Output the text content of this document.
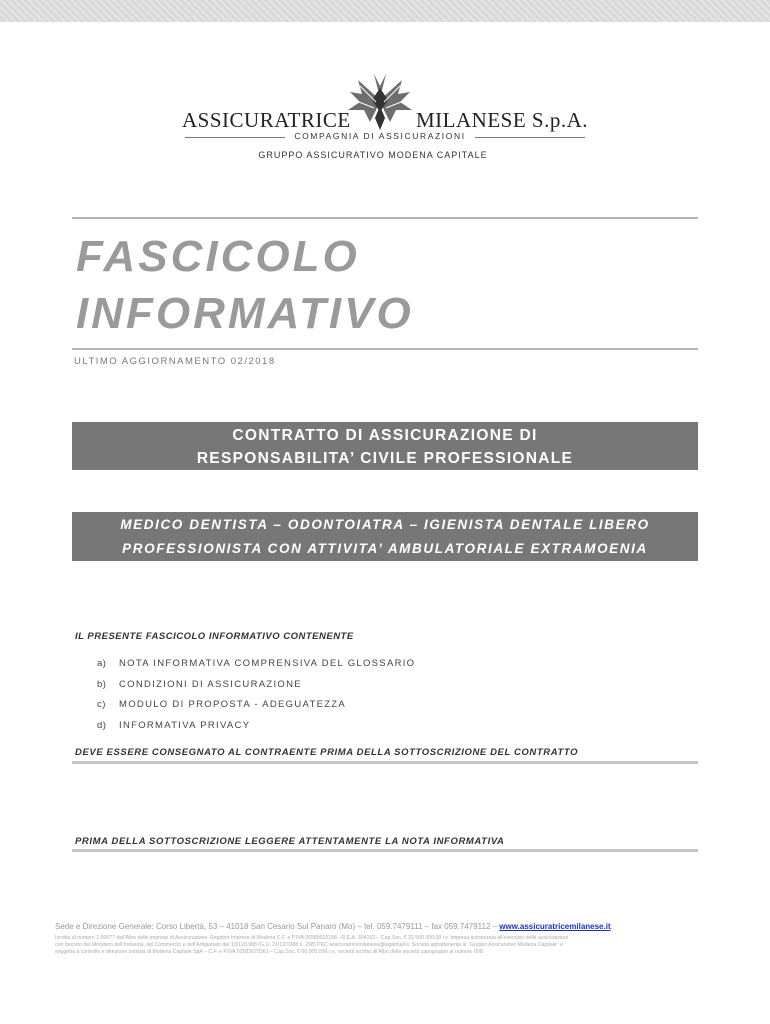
ASSICURATRICE	MILANESE S.p.A.
COMPAGNIA DI ASSICURAZIONI
GRUPPO ASSICURATIVO MODENA CAPITALE
FASCICOLO
INFORMATIVO
ULTIMO AGGIORNAMENTO 02/2018
CONTRATTO DI ASSICURAZIONE DI
RESPONSABILITA’ CIVILE PROFESSIONALE
MEDICO DENTISTA – ODONTOIATRA – IGIENISTA DENTALE LIBERO
PROFESSIONISTA CON ATTIVITA’ AMBULATORIALE EXTRAMOENIA
IL PRESENTE FASCICOLO INFORMATIVO CONTENENTE
a) NOTA INFORMATIVA COMPRENSIVA DEL GLOSSARIO
b) CONDIZIONI DI ASSICURAZIONE
c) MODULO DI PROPOSTA - ADEGUATEZZA
d) INFORMATIVA PRIVACY
DEVE ESSERE CONSEGNATO AL CONTRAENTE PRIMA DELLA SOTTOSCRIZIONE DEL CONTRATTO
PRIMA DELLA SOTTOSCRIZIONE LEGGERE ATTENTAMENTE LA NOTA INFORMATIVA
Sede e Direzione Generale: Corso Libertà, 53 – 41018 San Cesario Sul Panaro (Mo) – tel. 059.7479111 – fax 059.7479112 – www.assicuratricemilanese.it.
Iscritta al numero 1.00077 dell’Albo delle imprese di Assicurazione. Registro Imprese di Modena C.F. e P.IVA 06589510158 - R.E.A. 304152 – Cap.Soc. € 32.500.000,00 i.v. Impresa autorizzata all’esercizio delle assicurazioni
con decreto del Ministero dell’Industria, del Commercio e dell’Artigianato del 13/12/1988 (G.U. 21/12/1988 n. 298) PEC assicuratricemilanese@legalmail.it. Società appartenente al “Gruppo Assicurativo Modena Capitale” e
soggetta a controllo e direzione unitaria di Modena Capitale SpA – C.F. e P.IVA 02583670361 – Cap.Soc. € 60.000.000 i.v., società iscritta all’Albo delle società capogruppo al numero 009.
